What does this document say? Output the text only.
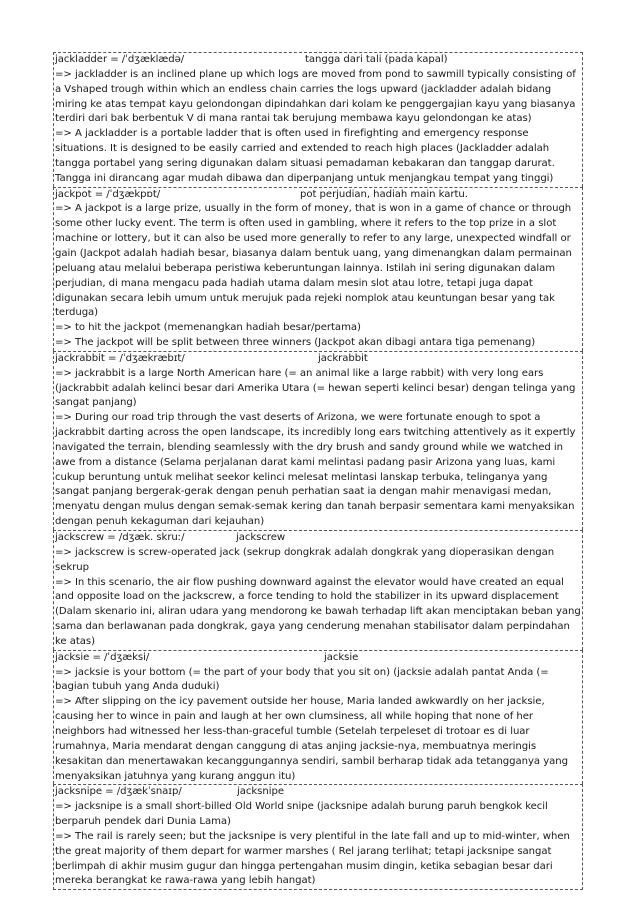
jackladder = /ˈdʒæklædə/	tangga dari tali (pada kapal)

=> jackladder is an inclined plane up which logs are moved from pond to sawmill typically consisting of a Vshaped trough within which an endless chain carries the logs upward (jackladder adalah bidang miring ke atas tempat kayu gelondongan dipindahkan dari kolam ke penggergajian kayu yang biasanya terdiri dari bak berbentuk V di mana rantai tak berujung membawa kayu gelondongan ke atas)

=> A jackladder is a portable ladder that is often used in firefighting and emergency response situations. It is designed to be easily carried and extended to reach high places (Jackladder adalah tangga portabel yang sering digunakan dalam situasi pemadaman kebakaran dan tanggap darurat. Tangga ini dirancang agar mudah dibawa dan diperpanjang untuk menjangkau tempat yang tinggi)

jackpot = /ˈdʒækpɒt/	pot perjudian, hadiah main kartu.

=> A jackpot is a large prize, usually in the form of money, that is won in a game of chance or through some other lucky event. The term is often used in gambling, where it refers to the top prize in a slot machine or lottery, but it can also be used more generally to refer to any large, unexpected windfall or gain (Jackpot adalah hadiah besar, biasanya dalam bentuk uang, yang dimenangkan dalam permainan peluang atau melalui beberapa peristiwa keberuntungan lainnya. Istilah ini sering digunakan dalam perjudian, di mana mengacu pada hadiah utama dalam mesin slot atau lotre, tetapi juga dapat digunakan secara lebih umum untuk merujuk pada rejeki nomplok atau keuntungan besar yang tak terduga)

=> to hit the jackpot (memenangkan hadiah besar/pertama)

=> The jackpot will be split between three winners (Jackpot akan dibagi antara tiga pemenang)

jackrabbit = /ˈdʒækræbɪt/	jackrabbit

=> jackrabbit is a large North American hare (= an animal like a large rabbit) with very long ears (jackrabbit adalah kelinci besar dari Amerika Utara (= hewan seperti kelinci besar) dengan telinga yang sangat panjang)

=> During our road trip through the vast deserts of Arizona, we were fortunate enough to spot a jackrabbit darting across the open landscape, its incredibly long ears twitching attentively as it expertly navigated the terrain, blending seamlessly with the dry brush and sandy ground while we watched in awe from a distance (Selama perjalanan darat kami melintasi padang pasir Arizona yang luas, kami cukup beruntung untuk melihat seekor kelinci melesat melintasi lanskap terbuka, telinganya yang sangat panjang bergerak-gerak dengan penuh perhatian saat ia dengan mahir menavigasi medan, menyatu dengan mulus dengan semak-semak kering dan tanah berpasir sementara kami menyaksikan dengan penuh kekaguman dari kejauhan)

jackscrew = /dʒæk. skruː/	jackscrew

=> jackscrew is screw-operated jack (sekrup dongkrak adalah dongkrak yang dioperasikan dengan sekrup

=> In this scenario, the air flow pushing downward against the elevator would have created an equal and opposite load on the jackscrew, a force tending to hold the stabilizer in its upward displacement (Dalam skenario ini, aliran udara yang mendorong ke bawah terhadap lift akan menciptakan beban yang sama dan berlawanan pada dongkrak, gaya yang cenderung menahan stabilisator dalam perpindahan ke atas)

jacksie = /ˈdʒæksi/	jacksie

=> jacksie is your bottom (= the part of your body that you sit on) (jacksie adalah pantat Anda (= bagian tubuh yang Anda duduki)

=> After slipping on the icy pavement outside her house, Maria landed awkwardly on her jacksie, causing her to wince in pain and laugh at her own clumsiness, all while hoping that none of her neighbors had witnessed her less-than-graceful tumble (Setelah terpeleset di trotoar es di luar rumahnya, Maria mendarat dengan canggung di atas anjing jacksie-nya, membuatnya meringis kesakitan dan menertawakan kecanggungannya sendiri, sambil berharap tidak ada tetangganya yang menyaksikan jatuhnya yang kurang anggun itu)

jacksnipe = /dʒækˈsnaɪp/	jacksnipe

=> jacksnipe is a small short-billed Old World snipe (jacksnipe adalah burung paruh bengkok kecil berparuh pendek dari Dunia Lama)

=> The rail is rarely seen; but the jacksnipe is very plentiful in the late fall and up to mid-winter, when the great majority of them depart for warmer marshes ( Rel jarang terlihat; tetapi jacksnipe sangat berlimpah di akhir musim gugur dan hingga pertengahan musim dingin, ketika sebagian besar dari mereka berangkat ke rawa-rawa yang lebih hangat)
